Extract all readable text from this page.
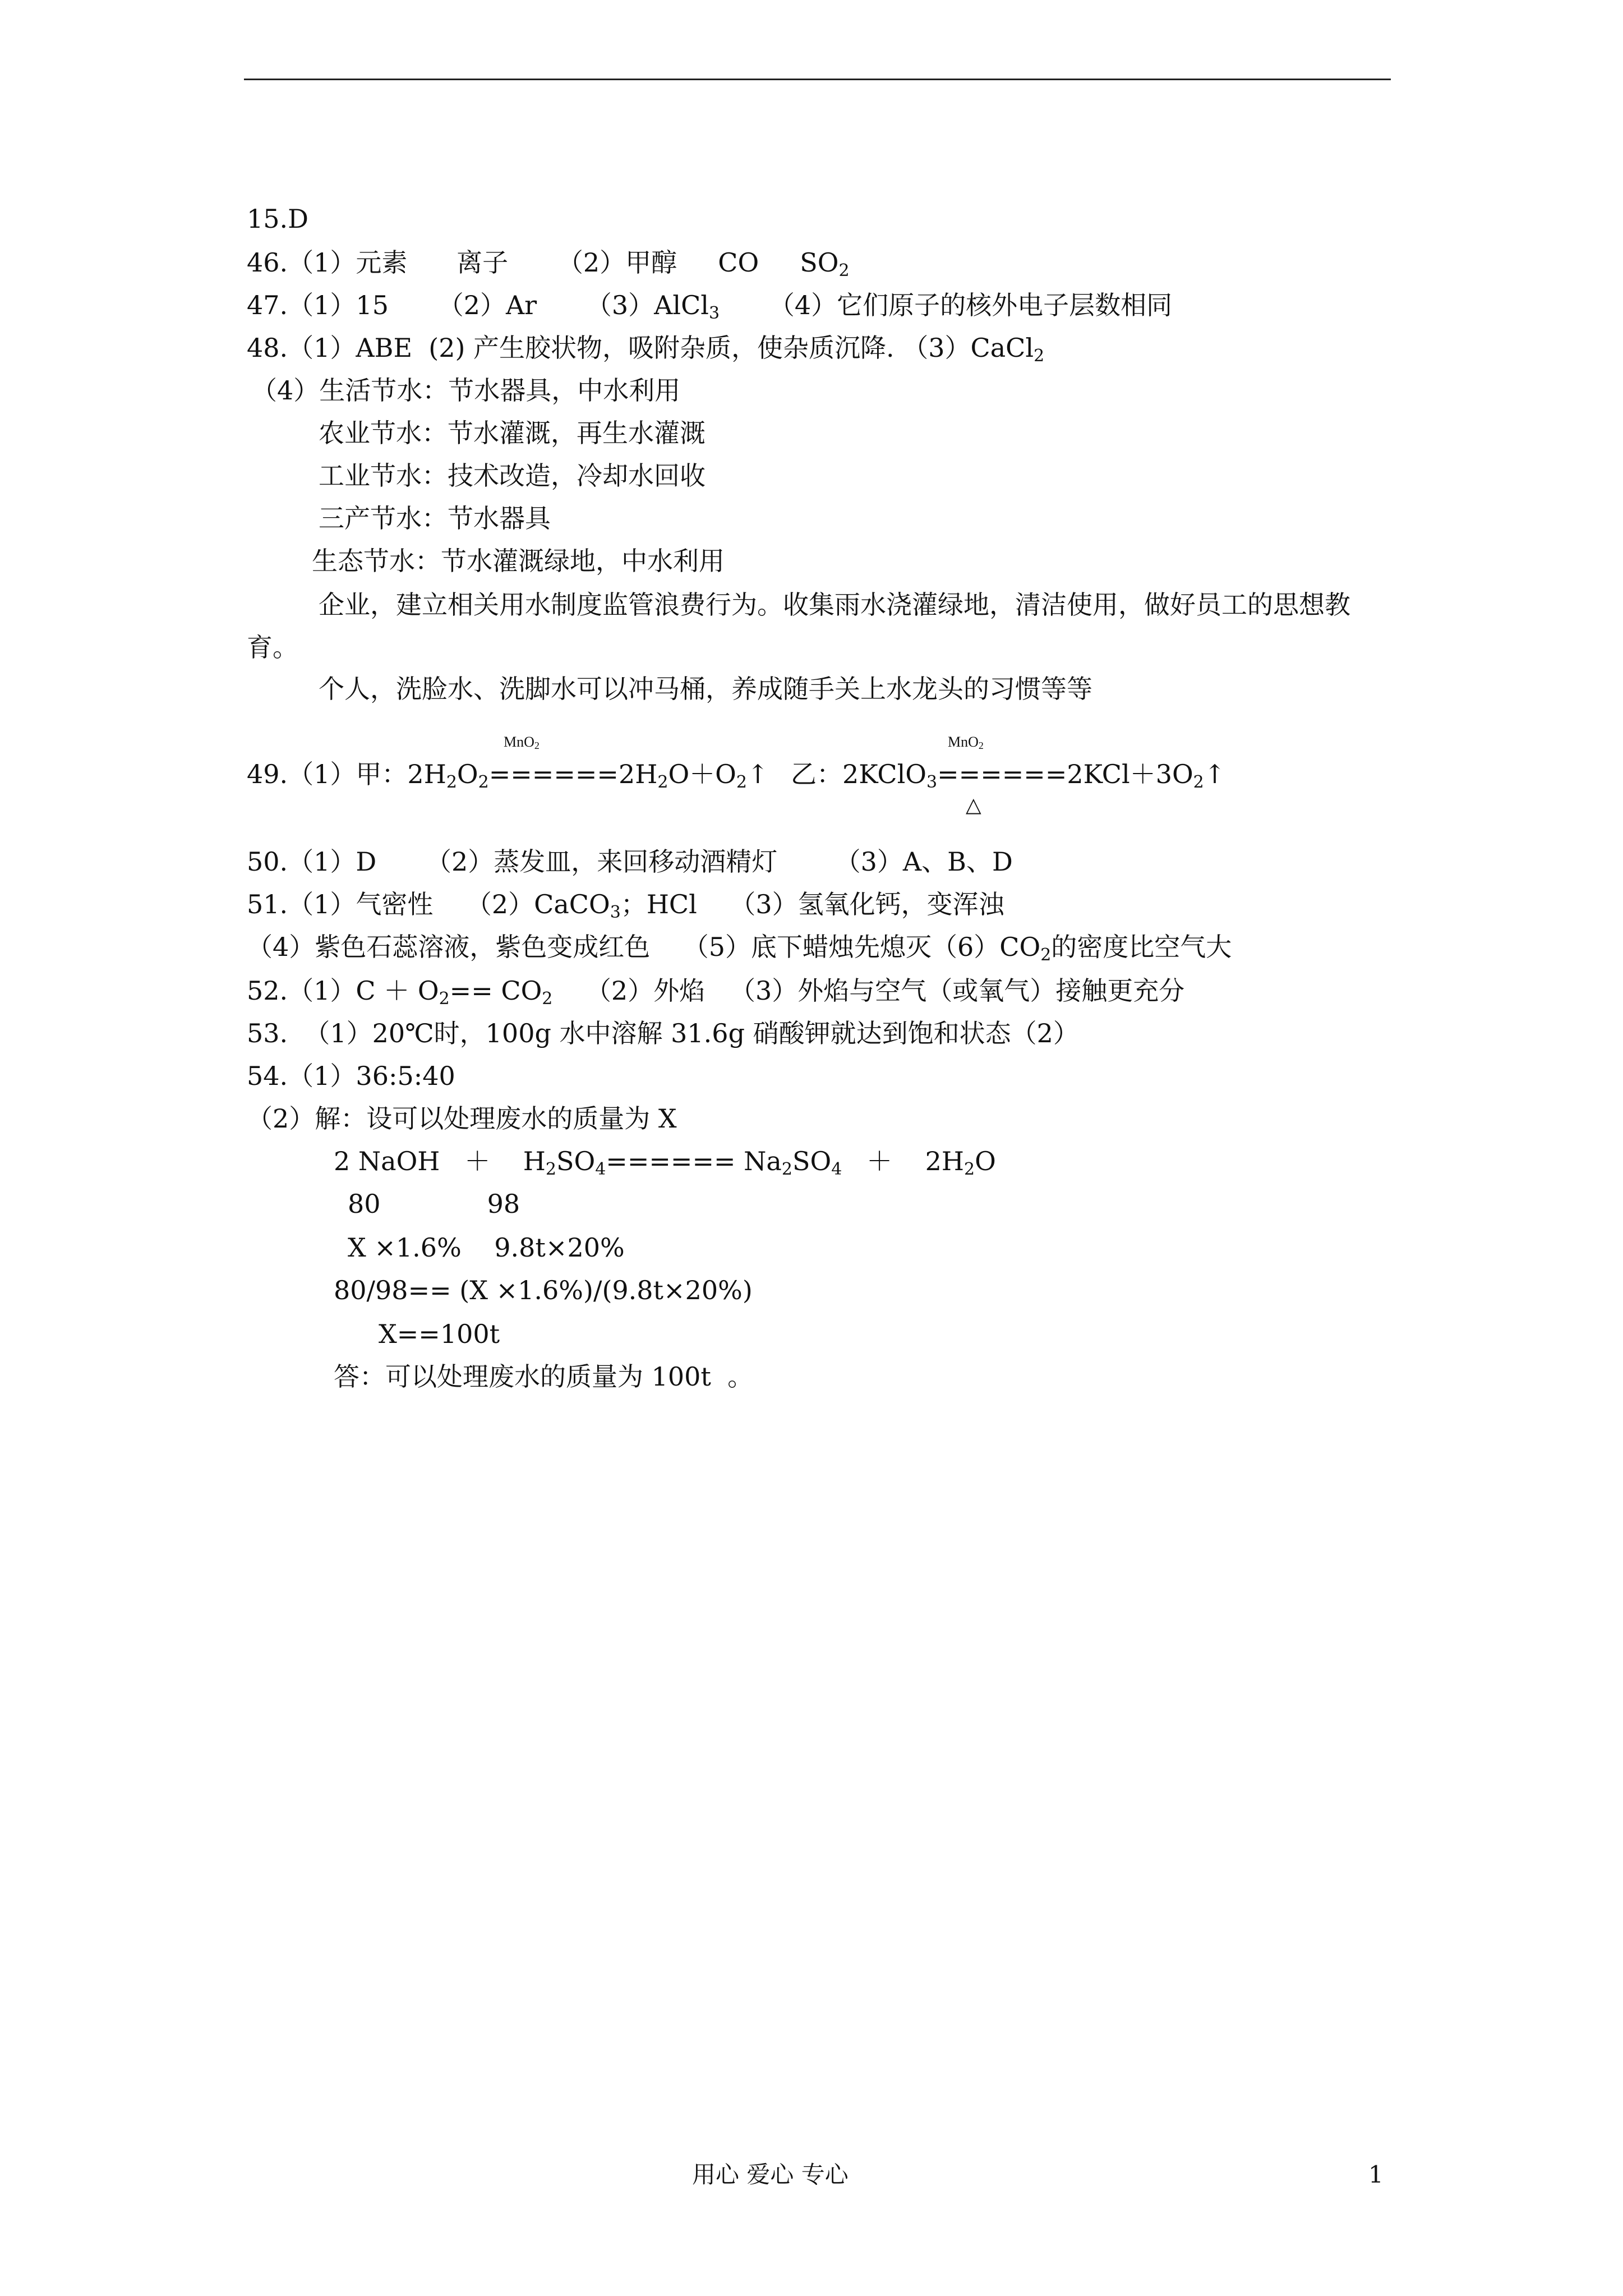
15.D
46.（1）元素      离子      （2）甲醇     CO     $SO_2$
47.（1）15      （2）Ar      （3）AlCl$_3$      （4）它们原子的核外电子层数相同
48.（1）ABE  (2) 产生胶状物，吸附杂质，使杂质沉降. （3）CaCl$_2$
（4）生活节水：节水器具，中水利用
农业节水：节水灌溉，再生水灌溉
工业节水：技术改造，冷却水回收
三产节水：节水器具
生态节水：节水灌溉绿地，中水利用
企业，建立相关用水制度监管浪费行为。收集雨水浇灌绿地，清洁使用，做好员工的思想教育。
个人，洗脸水、洗脚水可以冲马桶，养成随手关上水龙头的习惯等等
MnO$_2$	MnO$_2$
49.（1）甲：$2H_2O_2======2H_2O+O_2↑$ 乙：$2KClO_3======2KCl+3O_2↑$
△
50.（1）D      （2）蒸发皿，来回移动酒精灯       （3）A、B、D
51.（1）气密性    （2）CaCO$_3$；HCl    （3）氢氧化钙，变浑浊
（4）紫色石蕊溶液，紫色变成红色    （5）底下蜡烛先熄灭$(6)CO_2$的密度比空气大
$52.(1)C + O_2== CO_2$    （2）外焰   （3）外焰与空气（或氧气）接触更充分
53.  （1）20℃时，100g 水中溶解 31.6g 硝酸钾就达到饱和状态（2）
54.（1）36:5:40
（2）解：设可以处理废水的质量为 X
2 NaOH   ＋    $H_2SO_4====== Na_2SO_4$   ＋    $2H_2O$
80             98
X ×1.6%    9.8t×20%
80/98== (X ×1.6%)/(9.8t×20%)
X==100t
答：可以处理废水的质量为 100t  。
用心 爱心 专心	1
